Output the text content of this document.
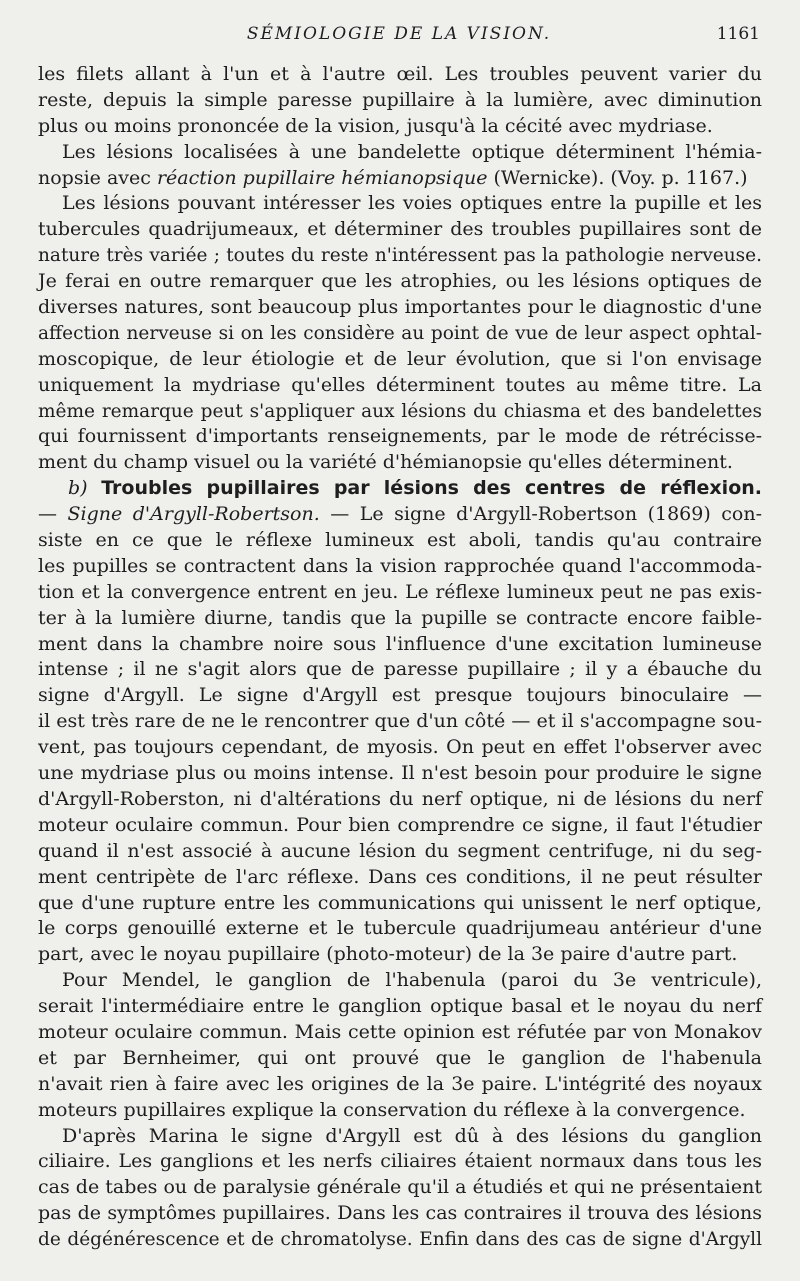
SÉMIOLOGIE DE LA VISION.	1161
les filets allant à l'un et à l'autre œil. Les troubles peuvent varier du
reste, depuis la simple paresse pupillaire à la lumière, avec diminution
plus ou moins prononcée de la vision, jusqu'à la cécité avec mydriase.
Les lésions localisées à une bandelette optique déterminent l'hémia-
nopsie avec réaction pupillaire hémianopsique (Wernicke). (Voy. p. 1167.)
Les lésions pouvant intéresser les voies optiques entre la pupille et les
tubercules quadrijumeaux, et déterminer des troubles pupillaires sont de
nature très variée ; toutes du reste n'intéressent pas la pathologie nerveuse.
Je ferai en outre remarquer que les atrophies, ou les lésions optiques de
diverses natures, sont beaucoup plus importantes pour le diagnostic d'une
affection nerveuse si on les considère au point de vue de leur aspect ophtal-
moscopique, de leur étiologie et de leur évolution, que si l'on envisage
uniquement la mydriase qu'elles déterminent toutes au même titre. La
même remarque peut s'appliquer aux lésions du chiasma et des bandelettes
qui fournissent d'importants renseignements, par le mode de rétrécisse-
ment du champ visuel ou la variété d'hémianopsie qu'elles déterminent.
b) Troubles pupillaires par lésions des centres de réflexion.
— Signe d'Argyll-Robertson. — Le signe d'Argyll-Robertson (1869) con-
siste en ce que le réflexe lumineux est aboli, tandis qu'au contraire
les pupilles se contractent dans la vision rapprochée quand l'accommoda-
tion et la convergence entrent en jeu. Le réflexe lumineux peut ne pas exis-
ter à la lumière diurne, tandis que la pupille se contracte encore faible-
ment dans la chambre noire sous l'influence d'une excitation lumineuse
intense ; il ne s'agit alors que de paresse pupillaire ; il y a ébauche du
signe d'Argyll. Le signe d'Argyll est presque toujours binoculaire —
il est très rare de ne le rencontrer que d'un côté — et il s'accompagne sou-
vent, pas toujours cependant, de myosis. On peut en effet l'observer avec
une mydriase plus ou moins intense. Il n'est besoin pour produire le signe
d'Argyll-Roberston, ni d'altérations du nerf optique, ni de lésions du nerf
moteur oculaire commun. Pour bien comprendre ce signe, il faut l'étudier
quand il n'est associé à aucune lésion du segment centrifuge, ni du seg-
ment centripète de l'arc réflexe. Dans ces conditions, il ne peut résulter
que d'une rupture entre les communications qui unissent le nerf optique,
le corps genouillé externe et le tubercule quadrijumeau antérieur d'une
part, avec le noyau pupillaire (photo-moteur) de la 3e paire d'autre part.
Pour Mendel, le ganglion de l'habenula (paroi du 3e ventricule),
serait l'intermédiaire entre le ganglion optique basal et le noyau du nerf
moteur oculaire commun. Mais cette opinion est réfutée par von Monakov
et par Bernheimer, qui ont prouvé que le ganglion de l'habenula
n'avait rien à faire avec les origines de la 3e paire. L'intégrité des noyaux
moteurs pupillaires explique la conservation du réflexe à la convergence.
D'après Marina le signe d'Argyll est dû à des lésions du ganglion
ciliaire. Les ganglions et les nerfs ciliaires étaient normaux dans tous les
cas de tabes ou de paralysie générale qu'il a étudiés et qui ne présentaient
pas de symptômes pupillaires. Dans les cas contraires il trouva des lésions
de dégénérescence et de chromatolyse. Enfin dans des cas de signe d'Argyll
